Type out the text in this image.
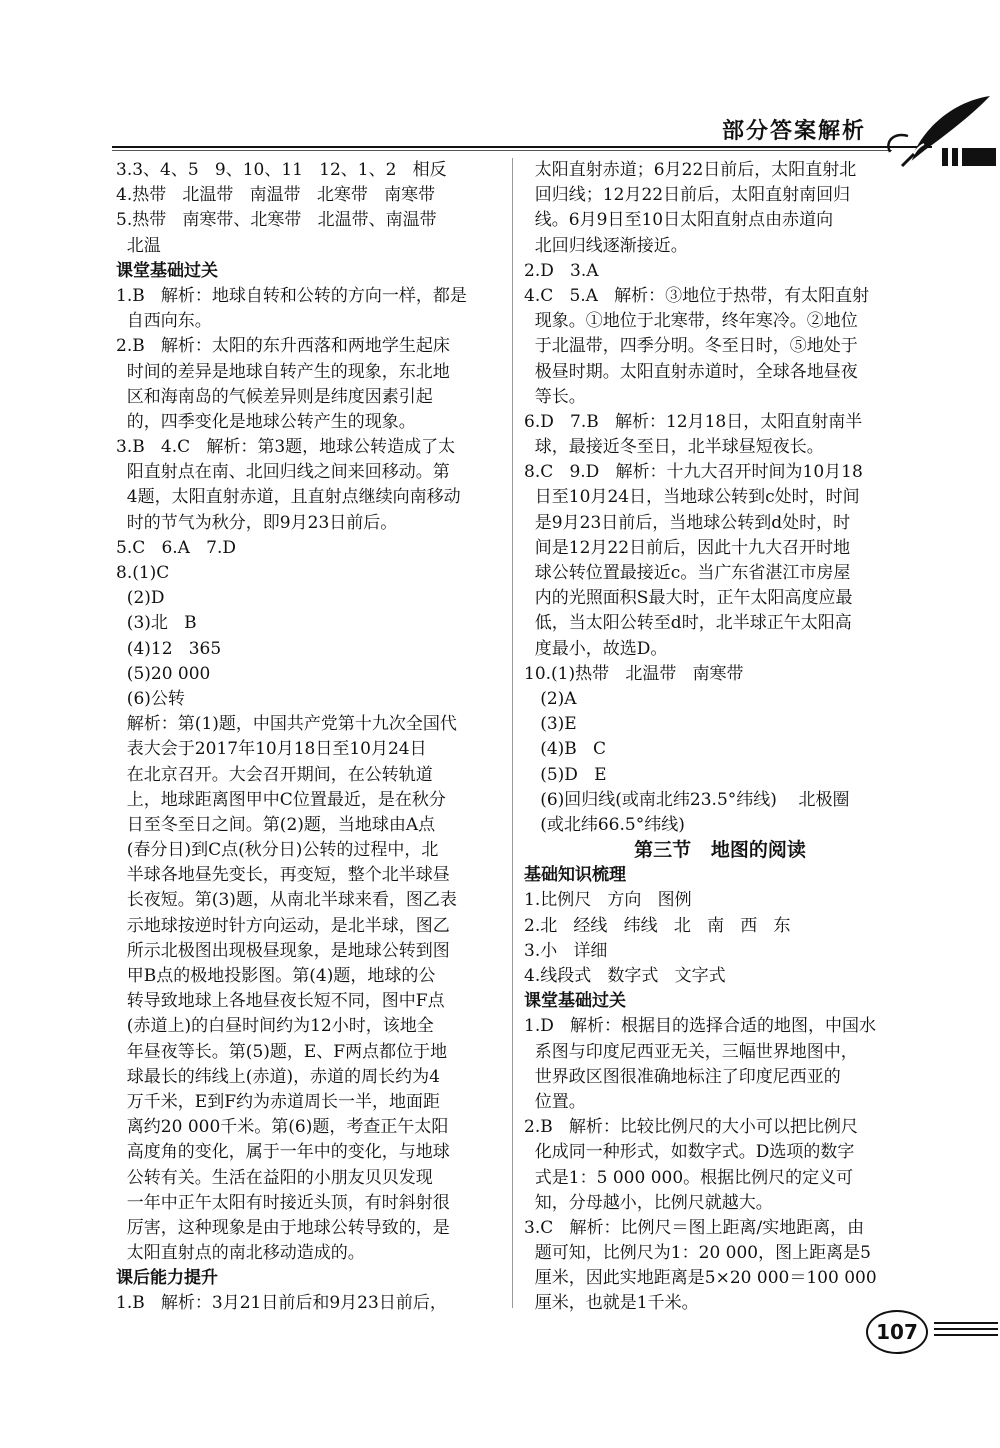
部分答案解析
3.3、4、5   9、10、11   12、1、2   相反
4.热带   北温带   南温带   北寒带   南寒带
5.热带   南寒带、北寒带   北温带、南温带
北温
课堂基础过关
1.B   解析：地球自转和公转的方向一样，都是
自西向东。
2.B   解析：太阳的东升西落和两地学生起床
时间的差异是地球自转产生的现象，东北地
区和海南岛的气候差异则是纬度因素引起
的，四季变化是地球公转产生的现象。
3.B   4.C   解析：第3题，地球公转造成了太
阳直射点在南、北回归线之间来回移动。第
4题，太阳直射赤道，且直射点继续向南移动
时的节气为秋分，即9月23日前后。
5.C   6.A   7.D
8.(1)C
(2)D
(3)北   B
(4)12   365
(5)20 000
(6)公转
解析：第(1)题，中国共产党第十九次全国代
表大会于2017年10月18日至10月24日
在北京召开。大会召开期间，在公转轨道
上，地球距离图甲中C位置最近，是在秋分
日至冬至日之间。第(2)题，当地球由A点
(春分日)到C点(秋分日)公转的过程中，北
半球各地昼先变长，再变短，整个北半球昼
长夜短。第(3)题，从南北半球来看，图乙表
示地球按逆时针方向运动，是北半球，图乙
所示北极图出现极昼现象，是地球公转到图
甲B点的极地投影图。第(4)题，地球的公
转导致地球上各地昼夜长短不同，图中F点
(赤道上)的白昼时间约为12小时，该地全
年昼夜等长。第(5)题，E、F两点都位于地
球最长的纬线上(赤道)，赤道的周长约为4
万千米，E到F约为赤道周长一半，地面距
离约20 000千米。第(6)题，考查正午太阳
高度角的变化，属于一年中的变化，与地球
公转有关。生活在益阳的小朋友贝贝发现
一年中正午太阳有时接近头顶，有时斜射很
厉害，这种现象是由于地球公转导致的，是
太阳直射点的南北移动造成的。
课后能力提升
1.B   解析：3月21日前后和9月23日前后，
太阳直射赤道；6月22日前后，太阳直射北
回归线；12月22日前后，太阳直射南回归
线。6月9日至10日太阳直射点由赤道向
北回归线逐渐接近。
2.D   3.A
4.C   5.A   解析：③地位于热带，有太阳直射
现象。①地位于北寒带，终年寒冷。②地位
于北温带，四季分明。冬至日时，⑤地处于
极昼时期。太阳直射赤道时，全球各地昼夜
等长。
6.D   7.B   解析：12月18日，太阳直射南半
球，最接近冬至日，北半球昼短夜长。
8.C   9.D   解析：十九大召开时间为10月18
日至10月24日，当地球公转到c处时，时间
是9月23日前后，当地球公转到d处时，时
间是12月22日前后，因此十九大召开时地
球公转位置最接近c。当广东省湛江市房屋
内的光照面积S最大时，正午太阳高度应最
低，当太阳公转至d时，北半球正午太阳高
度最小，故选D。
10.(1)热带   北温带   南寒带
(2)A
(3)E
(4)B   C
(5)D   E
(6)回归线(或南北纬23.5°纬线)    北极圈
(或北纬66.5°纬线)
第三节   地图的阅读
基础知识梳理
1.比例尺   方向   图例
2.北   经线   纬线   北   南   西   东
3.小   详细
4.线段式   数字式   文字式
课堂基础过关
1.D   解析：根据目的选择合适的地图，中国水
系图与印度尼西亚无关，三幅世界地图中，
世界政区图很准确地标注了印度尼西亚的
位置。
2.B   解析：比较比例尺的大小可以把比例尺
化成同一种形式，如数字式。D选项的数字
式是1：5 000 000。根据比例尺的定义可
知，分母越小，比例尺就越大。
3.C   解析：比例尺＝图上距离/实地距离，由
题可知，比例尺为1：20 000，图上距离是5
厘米，因此实地距离是5×20 000＝100 000
厘米，也就是1千米。
107
